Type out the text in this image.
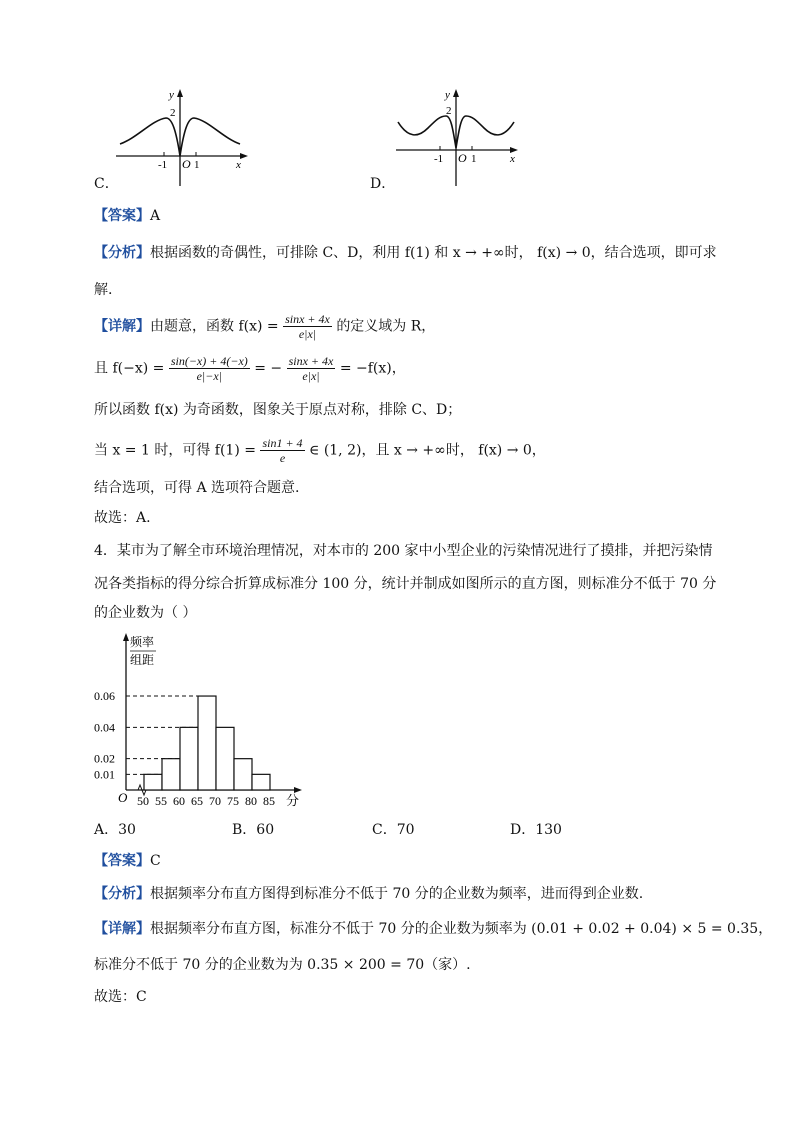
y
2
-1 O 1	x
C．
y
2
-1 O 1	x
D．
【答案】A
【分析】根据函数的奇偶性，可排除 C、D，利用 f(1) 和 x → +∞时， f(x) → 0，结合选项，即可求
解.
【详解】由题意，函数 $f(x) = \frac{\sin x + 4x}{e|x|}$ 的定义域为 R，
且 $f(-x) = \frac{\sin(-x) + 4(-x)}{e|-x|}$ = − $\frac{\sin x + 4x}{e|x|} = -f(x)$，
所以函数 f(x) 为奇函数，图象关于原点对称，排除 C、D；
当 x = 1 时，可得 $f(1) = \frac{\sin 1 + 4}{e}$ ∈ (1, 2)，且 x → +∞时， f(x) → 0，
结合选项，可得 A 选项符合题意.
故选：A.
4．某市为了解全市环境治理情况，对本市的 200 家中小型企业的污染情况进行了摸排，并把污染情
况各类指标的得分综合折算成标准分 100 分，统计并制成如图所示的直方图，则标准分不低于 70 分
的企业数为（ ）
频率
组距
O	分
0.06
0.04
0.02
0.01
50 55 60 65 70 75 80 85
A．30	B．60	C．70	D．130
【答案】C
【分析】根据频率分布直方图得到标准分不低于 70 分的企业数为频率，进而得到企业数.
【详解】根据频率分布直方图，标准分不低于 70 分的企业数为频率为 (0.01 + 0.02 + 0.04) × 5 = 0.35，
标准分不低于 70 分的企业数为为 0.35 × 200 = 70（家）.
故选：C
